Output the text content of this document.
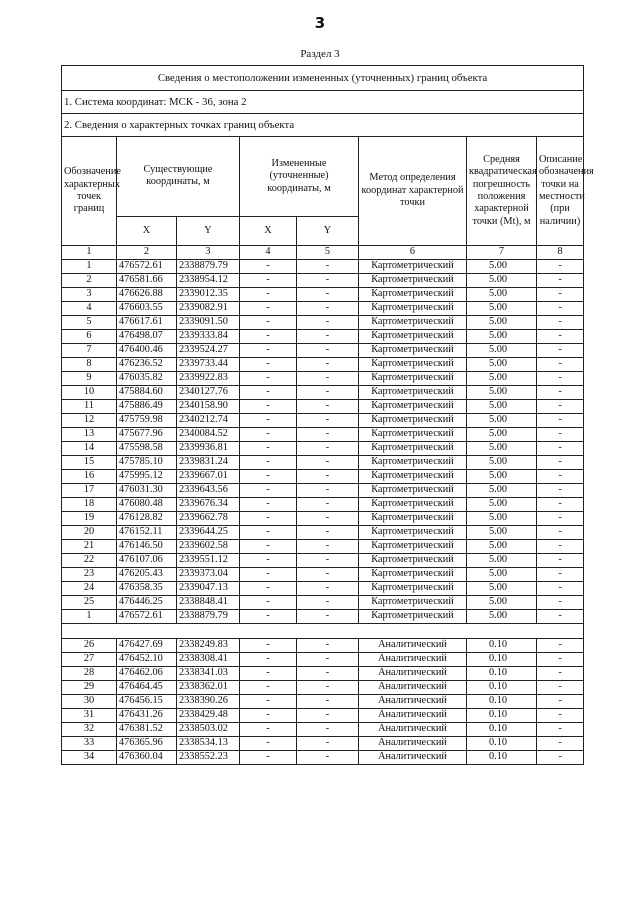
3
Раздел 3
Сведения о местоположении измененных (уточненных) границ объекта							
1. Система координат: МСК - 36, зона 2							
2. Сведения о характерных точках границ объекта							
Обозначение характерных точек границ	Существующие координаты, м		Измененные (уточненные) координаты, м		Метод определения координат характерной точки	Средняя квадратическая погрешность положения характерной точки (Mt), м	Описание обозначения точки на местности (при наличии)
	X	Y	X	Y			
1	2	3	4	5	6	7	8
1	476572.61	2338879.79	-	-	Картометрический	5.00	-
2	476581.66	2338954.12	-	-	Картометрический	5.00	-
3	476626.88	2339012.35	-	-	Картометрический	5.00	-
4	476603.55	2339082.91	-	-	Картометрический	5.00	-
5	476617.61	2339091.50	-	-	Картометрический	5.00	-
6	476498.07	2339333.84	-	-	Картометрический	5.00	-
7	476400.46	2339524.27	-	-	Картометрический	5.00	-
8	476236.52	2339733.44	-	-	Картометрический	5.00	-
9	476035.82	2339922.83	-	-	Картометрический	5.00	-
10	475884.60	2340127.76	-	-	Картометрический	5.00	-
11	475886.49	2340158.90	-	-	Картометрический	5.00	-
12	475759.98	2340212.74	-	-	Картометрический	5.00	-
13	475677.96	2340084.52	-	-	Картометрический	5.00	-
14	475598.58	2339936.81	-	-	Картометрический	5.00	-
15	475785.10	2339831.24	-	-	Картометрический	5.00	-
16	475995.12	2339667.01	-	-	Картометрический	5.00	-
17	476031.30	2339643.56	-	-	Картометрический	5.00	-
18	476080.48	2339676.34	-	-	Картометрический	5.00	-
19	476128.82	2339662.78	-	-	Картометрический	5.00	-
20	476152.11	2339644.25	-	-	Картометрический	5.00	-
21	476146.50	2339602.58	-	-	Картометрический	5.00	-
22	476107.06	2339551.12	-	-	Картометрический	5.00	-
23	476205.43	2339373.04	-	-	Картометрический	5.00	-
24	476358.35	2339047.13	-	-	Картометрический	5.00	-
25	476446.25	2338848.41	-	-	Картометрический	5.00	-
1	476572.61	2338879.79	-	-	Картометрический	5.00	-

26	476427.69	2338249.83	-	-	Аналитический	0.10	-
27	476452.10	2338308.41	-	-	Аналитический	0.10	-
28	476462.06	2338341.03	-	-	Аналитический	0.10	-
29	476464.45	2338362.01	-	-	Аналитический	0.10	-
30	476456.15	2338390.26	-	-	Аналитический	0.10	-
31	476431.26	2338429.48	-	-	Аналитический	0.10	-
32	476381.52	2338503.02	-	-	Аналитический	0.10	-
33	476365.96	2338534.13	-	-	Аналитический	0.10	-
34	476360.04	2338552.23	-	-	Аналитический	0.10	-
